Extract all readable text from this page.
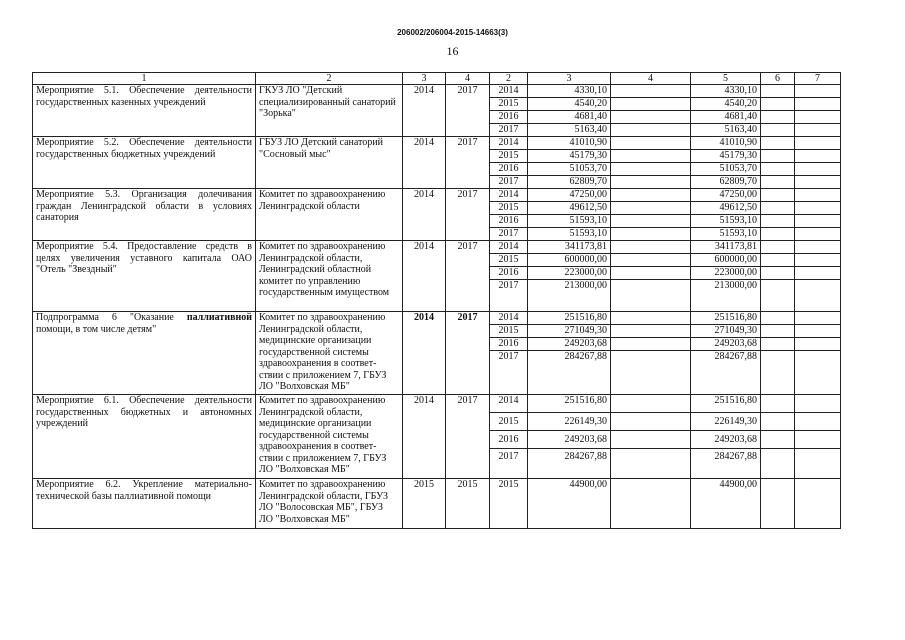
206002/206004-2015-14663(3)
16
1	2	3	4	2	3	4	5	6	7
Мероприятие 5.1. Обеспечение деятельности государственных казенных учреждений	ГКУЗ ЛО "Детский специализированный санаторий "Зорька"	2014	2017	2014	4330,10		4330,10		
				2015	4540,20		4540,20		
				2016	4681,40		4681,40		
				2017	5163,40		5163,40		
Мероприятие 5.2. Обеспечение деятельности государственных бюджетных учреждений	ГБУЗ ЛО Детский санаторий "Сосновый мыс"	2014	2017	2014	41010,90		41010,90		
				2015	45179,30		45179,30		
				2016	51053,70		51053,70		
				2017	62809,70		62809,70		
Мероприятие 5.3. Организация долечивания граждан Ленинградской области в условиях санатория	Комитет по здравоохранению Ленинградской области	2014	2017	2014	47250,00		47250,00		
				2015	49612,50		49612,50		
				2016	51593,10		51593,10		
				2017	51593,10		51593,10		
Мероприятие 5.4. Предоставление средств в целях увеличения уставного капитала ОАО "Отель "Звездный"	Комитет по здравоохранению Ленинградской области, Ленинградский областной комитет по управлению государственным имуществом	2014	2017	2014	341173,81		341173,81		
				2015	600000,00		600000,00		
				2016	223000,00		223000,00		
				2017	213000,00		213000,00		
Подпрограмма 6 "Оказание паллиативной помощи, в том числе детям"	Комитет по здравоохранению Ленинградской области, медицинские организации государственной системы здравоохранения в соответ-ствии с приложением 7, ГБУЗ ЛО "Волховская МБ"	2014	2017	2014	251516,80		251516,80		
				2015	271049,30		271049,30		
				2016	249203,68		249203,68		
				2017	284267,88		284267,88		
Мероприятие 6.1. Обеспечение деятельности государственных бюджетных и автономных учреждений	Комитет по здравоохранению Ленинградской области, медицинские организации государственной системы здравоохранения в соответ-ствии с приложением 7, ГБУЗ ЛО "Волховская МБ"	2014	2017	2014	251516,80		251516,80		
				2015	226149,30		226149,30		
				2016	249203,68		249203,68		
				2017	284267,88		284267,88		
Мероприятие 6.2. Укрепление материально-технической базы паллиативной помощи	Комитет по здравоохранению Ленинградской области, ГБУЗ ЛО "Волосовская МБ", ГБУЗ ЛО "Волховская МБ"	2015	2015	2015	44900,00		44900,00		
